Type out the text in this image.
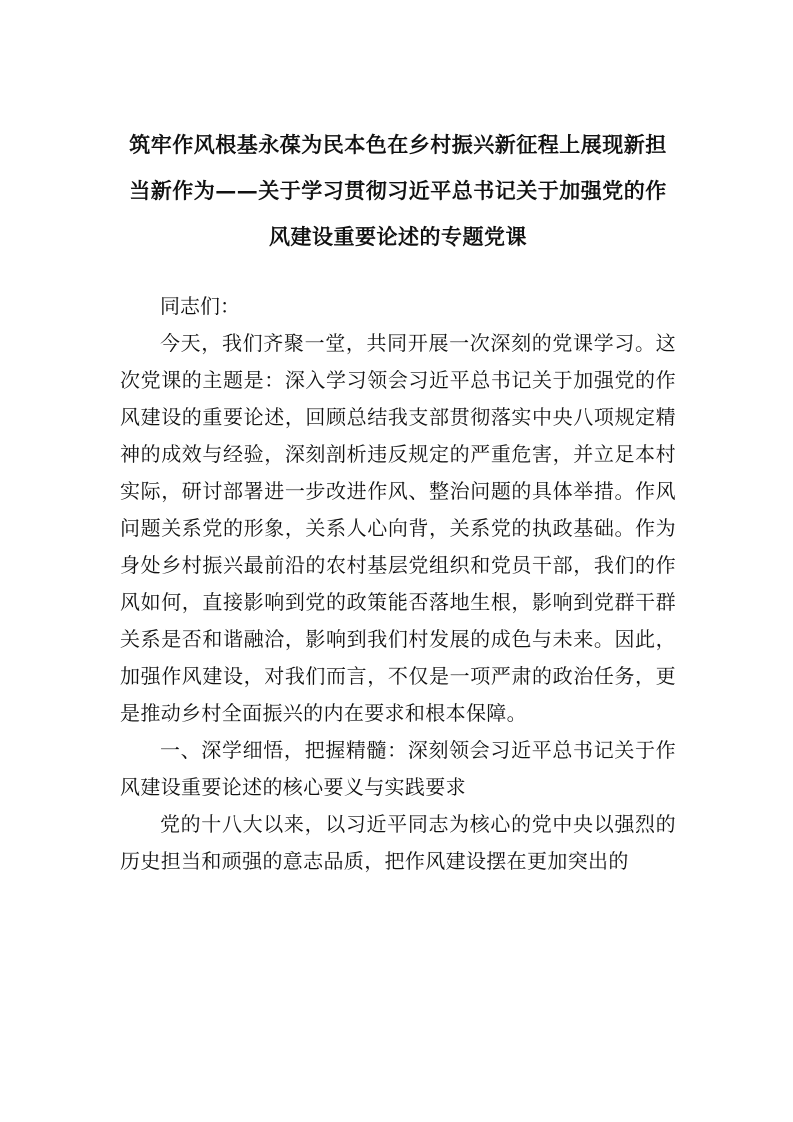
筑牢作风根基永葆为民本色在乡村振兴新征程上展现新担当新作为——关于学习贯彻习近平总书记关于加强党的作风建设重要论述的专题党课

同志们：

今天，我们齐聚一堂，共同开展一次深刻的党课学习。这次党课的主题是：深入学习领会习近平总书记关于加强党的作风建设的重要论述，回顾总结我支部贯彻落实中央八项规定精神的成效与经验，深刻剖析违反规定的严重危害，并立足本村实际，研讨部署进一步改进作风、整治问题的具体举措。作风问题关系党的形象，关系人心向背，关系党的执政基础。作为身处乡村振兴最前沿的农村基层党组织和党员干部，我们的作风如何，直接影响到党的政策能否落地生根，影响到党群干群关系是否和谐融洽，影响到我们村发展的成色与未来。因此，加强作风建设，对我们而言，不仅是一项严肃的政治任务，更是推动乡村全面振兴的内在要求和根本保障。

一、深学细悟，把握精髓：深刻领会习近平总书记关于作风建设重要论述的核心要义与实践要求

党的十八大以来，以习近平同志为核心的党中央以强烈的历史担当和顽强的意志品质，把作风建设摆在更加突出的
